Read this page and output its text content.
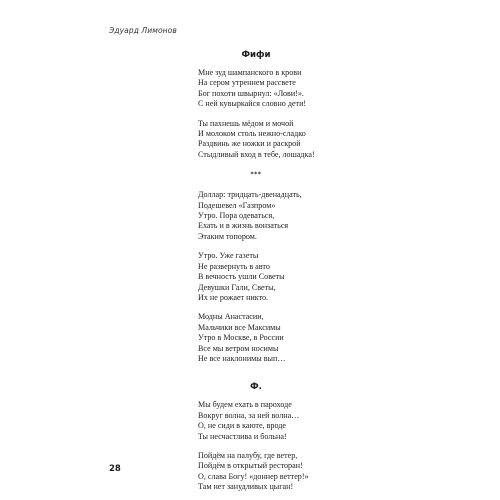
Эдуард Лимонов
Фифи
Мне зуд шампанского в крови
На сером утреннем рассвете
Бог похоти швырнул: «Лови!».
С ней кувыркайся словно дети!
Ты пахнешь мёдом и мочой
И молоком столь нежно-сладко
Раздвинь же ножки и раскрой
Стыдливый вход в тебе, лошадка!
***
Доллар: тридцать-двенадцать,
Подешевел «Газпром»
Утро. Пора одеваться,
Ехать и в жизнь вонзаться
Этаким топором.
Утро. Уже газеты
Не развернуть в авто
В вечность ушли Советы
Девушки Гали, Светы,
Их не рожает никто.
Модны Анастасии,
Мальчики все Максимы
Утро в Москве, в России
Все мы ветром носимы
Не все наклонимы вып…
Ф.
Мы будем ехать в пароходе
Вокруг волна, за ней волна…
О, не сиди в каюте, вроде
Ты несчастлива и больна!
Пойдём на палубу, где ветер,
Пойдём в открытый ресторан!
О, слава Богу! «доннер веттер!»
Там нет занудливых цыган!
28
